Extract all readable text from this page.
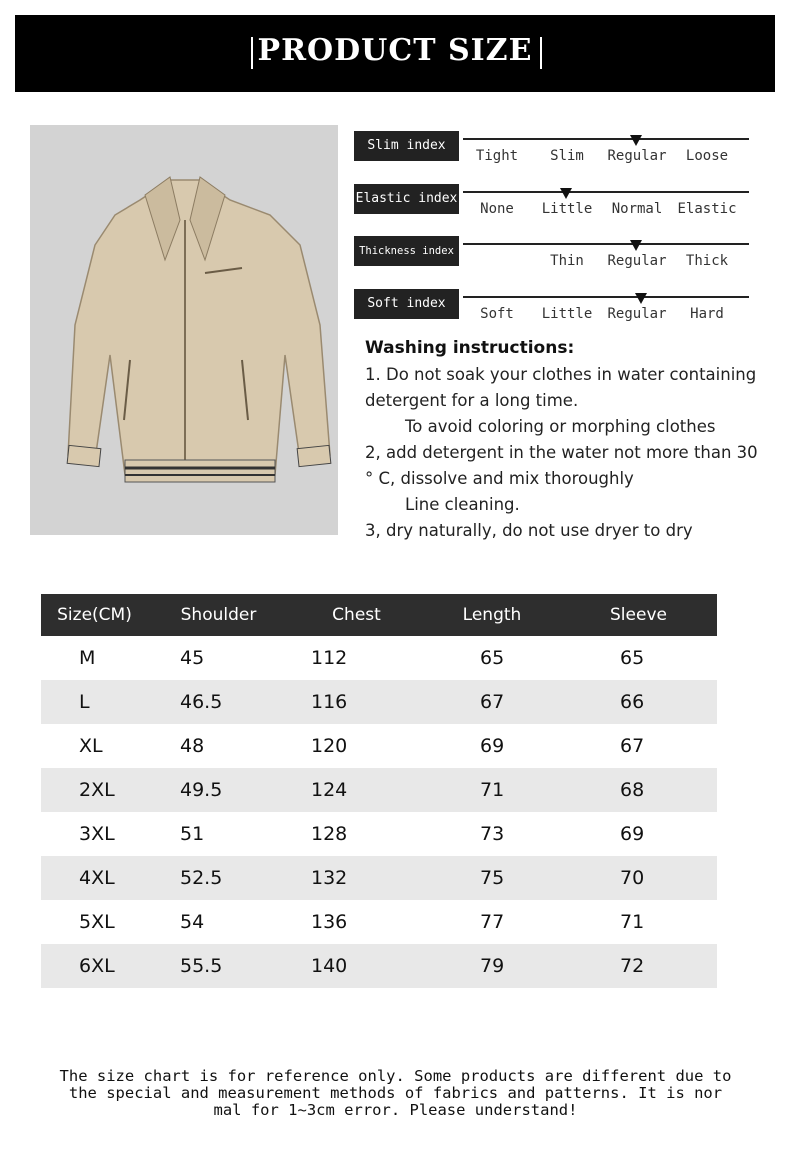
PRODUCT SIZE
Slim index
Tight Slim Regular Loose
Elastic index
None Little Normal Elastic
Thickness index
Thin Regular Thick
Soft index
Soft Little Regular Hard
Washing instructions:
1. Do not soak your clothes in water containing
detergent for a long time.
To avoid coloring or morphing clothes
2, add detergent in the water not more than 30
° C, dissolve and mix thoroughly
Line cleaning.
3, dry naturally, do not use dryer to dry
Size(CM)	Shoulder	Chest	Length	Sleeve
M	45	112	65	65
L	46.5	116	67	66
XL	48	120	69	67
2XL	49.5	124	71	68
3XL	51	128	73	69
4XL	52.5	132	75	70
5XL	54	136	77	71
6XL	55.5	140	79	72
The size chart is for reference only. Some products are different due to
the special and measurement methods of fabrics and patterns. It is nor
mal for 1~3cm error. Please understand!
